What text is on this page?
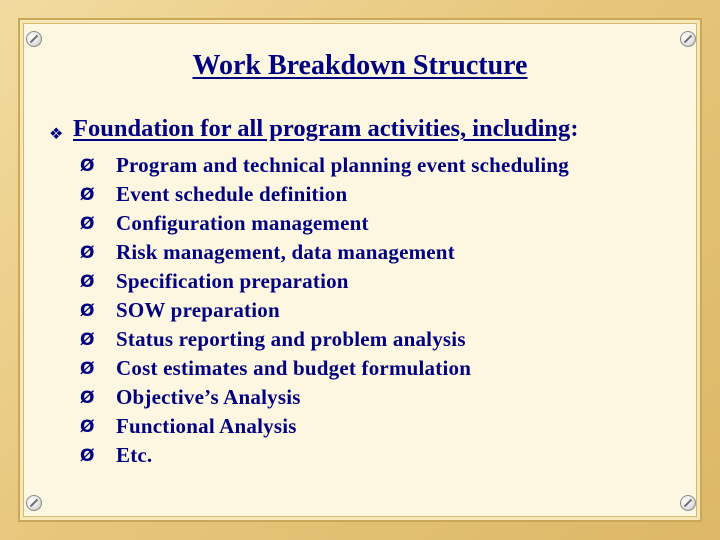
Work Breakdown Structure
❖ Foundation for all program activities, including:
Ø	Program and technical planning event scheduling
Ø	Event schedule definition
Ø	Configuration management
Ø	Risk management, data management
Ø	Specification preparation
Ø	SOW preparation
Ø	Status reporting and problem analysis
Ø	Cost estimates and budget formulation
Ø	Objective’s Analysis
Ø	Functional Analysis
Ø	Etc.
